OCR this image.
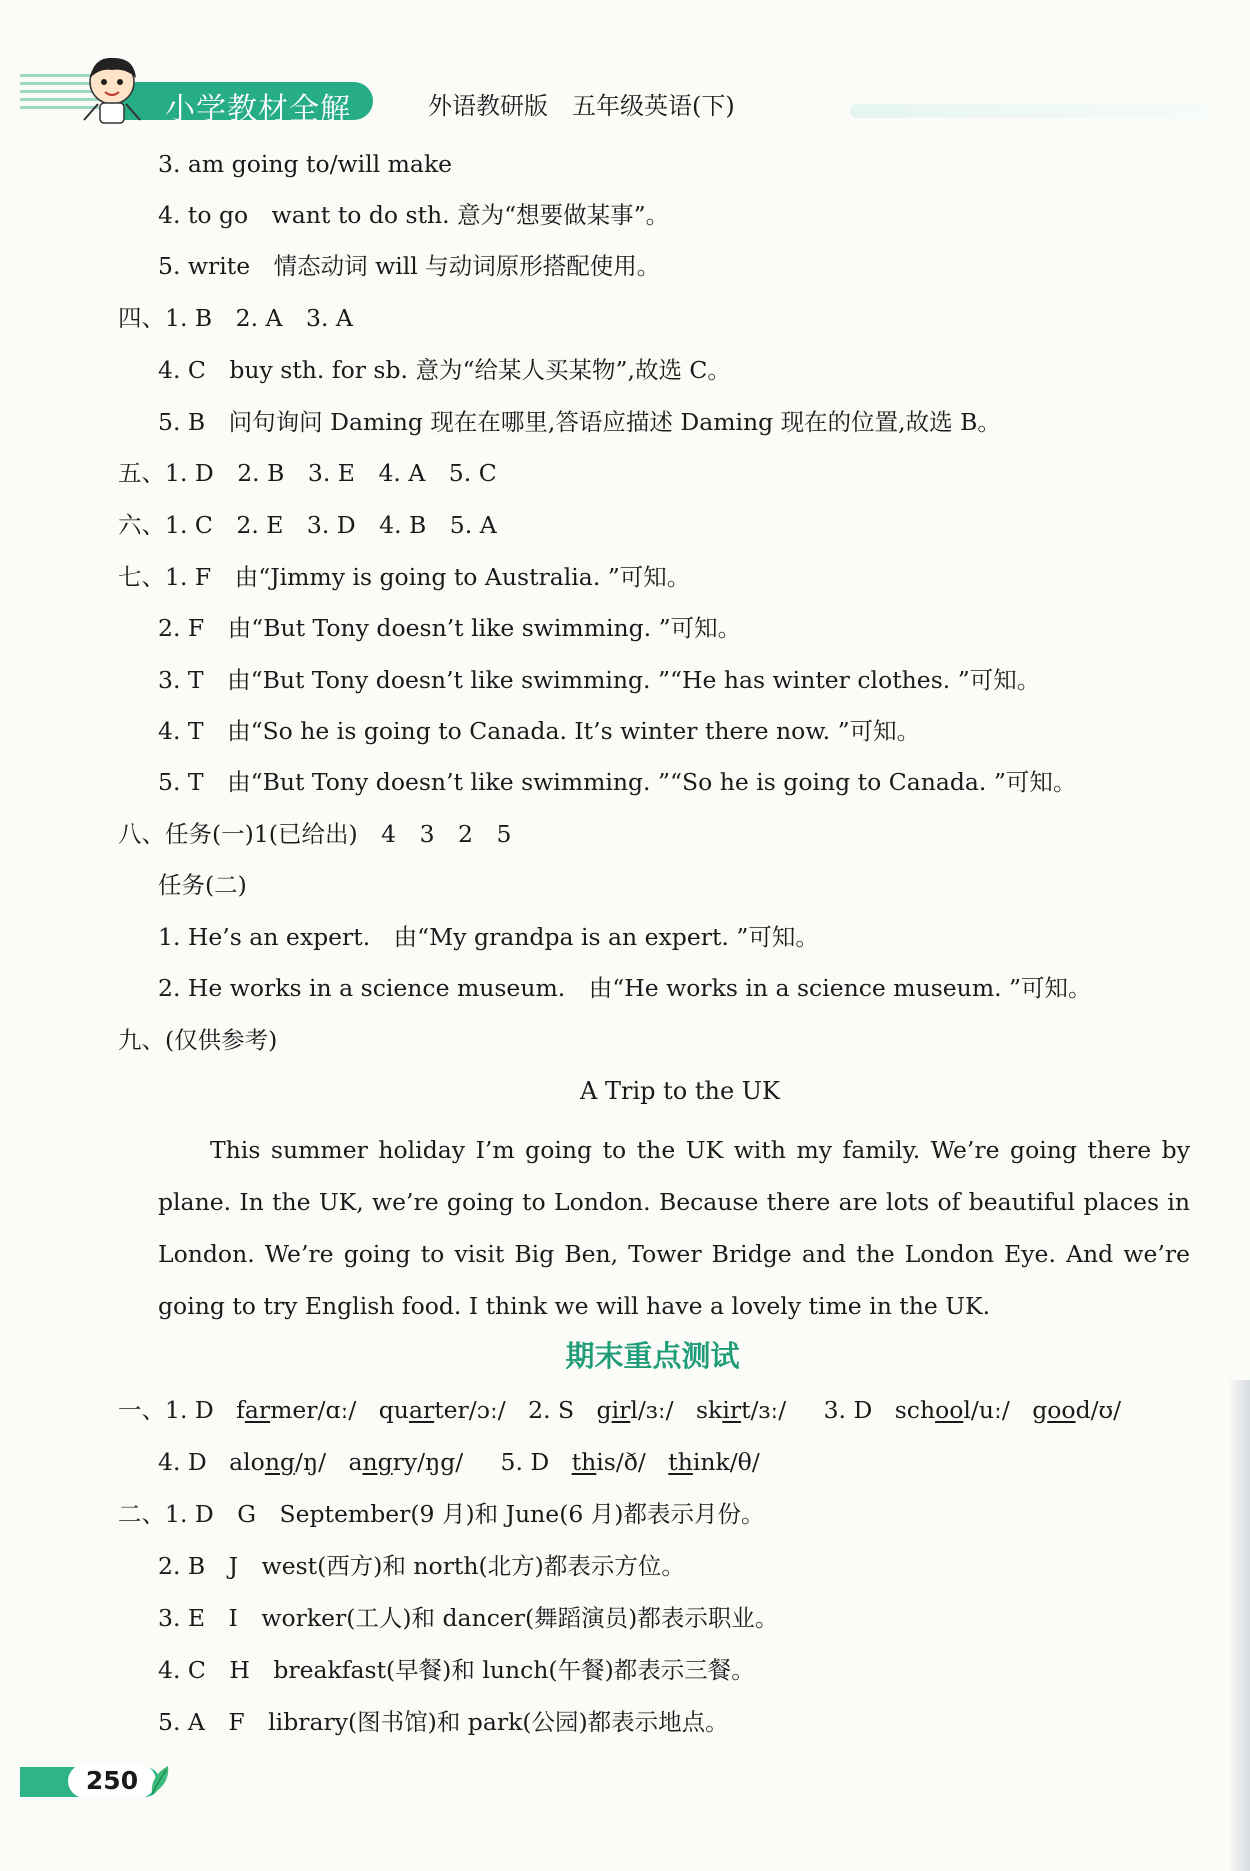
小学教材全解	外语教研版　五年级英语(下)
3. am going to/will make
4. to go　want to do sth. 意为“想要做某事”。
5. write　情态动词 will 与动词原形搭配使用。
四、1. B　2. A　3. A
4. C　buy sth. for sb. 意为“给某人买某物”,故选 C。
5. B　问句询问 Daming 现在在哪里,答语应描述 Daming 现在的位置,故选 B。
五、1. D　2. B　3. E　4. A　5. C
六、1. C　2. E　3. D　4. B　5. A
七、1. F　由“Jimmy is going to Australia. ”可知。
2. F　由“But Tony doesn’t like swimming. ”可知。
3. T　由“But Tony doesn’t like swimming. ”“He has winter clothes. ”可知。
4. T　由“So he is going to Canada. It’s winter there now. ”可知。
5. T　由“But Tony doesn’t like swimming. ”“So he is going to Canada. ”可知。
八、任务(一)1(已给出)　4　3　2　5
任务(二)
1. He’s an expert.　由“My grandpa is an expert. ”可知。
2. He works in a science museum.　由“He works in a science museum. ”可知。
九、(仅供参考)
A Trip to the UK
This summer holiday I’m going to the UK with my family. We’re going there by plane. In the UK, we’re going to London. Because there are lots of beautiful places in London. We’re going to visit Big Ben, Tower Bridge and the London Eye. And we’re going to try English food. I think we will have a lovely time in the UK.
期末重点测试
一、1. D farmer/ɑː/ quarter/ɔː/ 2. S girl/ɜː/ skirt/ɜː/ 3. D school/uː/ good/ʊ/
4. D along/ŋ/ angry/ŋg/ 5. D this/ð/ think/θ/
二、1. D　G　September(9 月)和 June(6 月)都表示月份。
2. B　J　west(西方)和 north(北方)都表示方位。
3. E　I　worker(工人)和 dancer(舞蹈演员)都表示职业。
4. C　H　breakfast(早餐)和 lunch(午餐)都表示三餐。
5. A　F　library(图书馆)和 park(公园)都表示地点。
250
